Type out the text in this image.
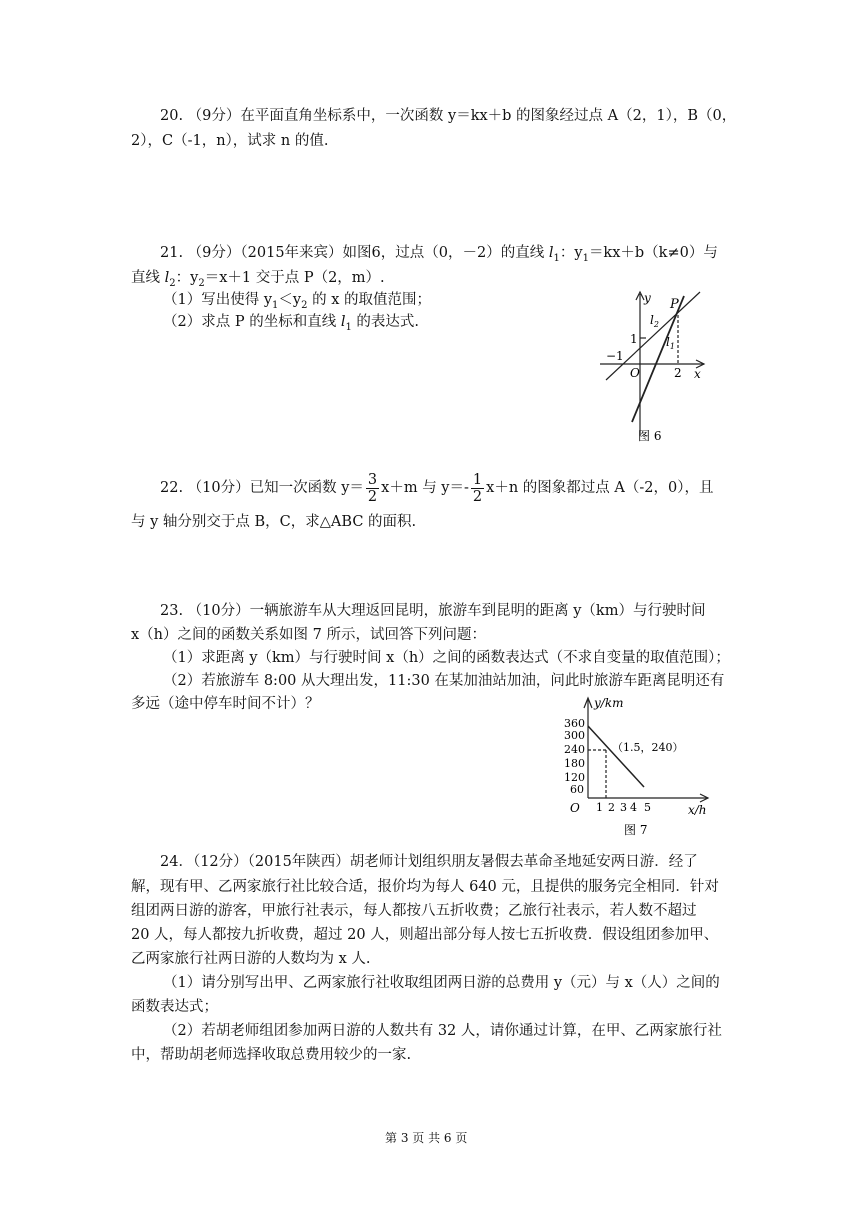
20. （9分）在平面直角坐标系中，一次函数 y＝kx＋b 的图象经过点 A（2，1），B（0，
2），C（-1，n），试求 n 的值.
21. （9分）（2015年来宾）如图6，过点（0，－2）的直线 $l_1$：$y_1=kx+b(k\ne 0)$与
直线 $l_2$：$y_2=x+1$ 交于点 P（2，m）.
（1）写出使得 $y_1<y_2$ 的 x 的取值范围；
（2）求点 P 的坐标和直线 $l_1$ 的表达式.
y
x
P
$l_2$
$l_1$
1
−1
O	2
图 6
22. （10分）已知一次函数 $y= \frac{3}{2} x+m$ 与 $y=- \frac{1}{2} x+n$ 的图象都过点 A（-2，0），且
与 y 轴分别交于点 B，C，求△ABC 的面积.
23. （10分）一辆旅游车从大理返回昆明，旅游车到昆明的距离 y（km）与行驶时间
x（h）之间的函数关系如图 7 所示，试回答下列问题：
（1）求距离 y（km）与行驶时间 x（h）之间的函数表达式（不求自变量的取值范围）；
（2）若旅游车 8:00 从大理出发，11:30 在某加油站加油，问此时旅游车距离昆明还有
多远（途中停车时间不计）？	y/km
360
300
240
180
120
60
1 2 3 4 5
O	x/h
（1.5，240）
图 7
24．（12分）（2015年陕西）胡老师计划组织朋友暑假去革命圣地延安两日游．经了
解，现有甲、乙两家旅行社比较合适，报价均为每人 640 元，且提供的服务完全相同．针对
组团两日游的游客，甲旅行社表示，每人都按八五折收费；乙旅行社表示，若人数不超过
20 人，每人都按九折收费，超过 20 人，则超出部分每人按七五折收费．假设组团参加甲、
乙两家旅行社两日游的人数均为 x 人.
（1）请分别写出甲、乙两家旅行社收取组团两日游的总费用 y（元）与 x（人）之间的
函数表达式；
（2）若胡老师组团参加两日游的人数共有 32 人，请你通过计算，在甲、乙两家旅行社
中，帮助胡老师选择收取总费用较少的一家.
第 3 页 共 6 页
